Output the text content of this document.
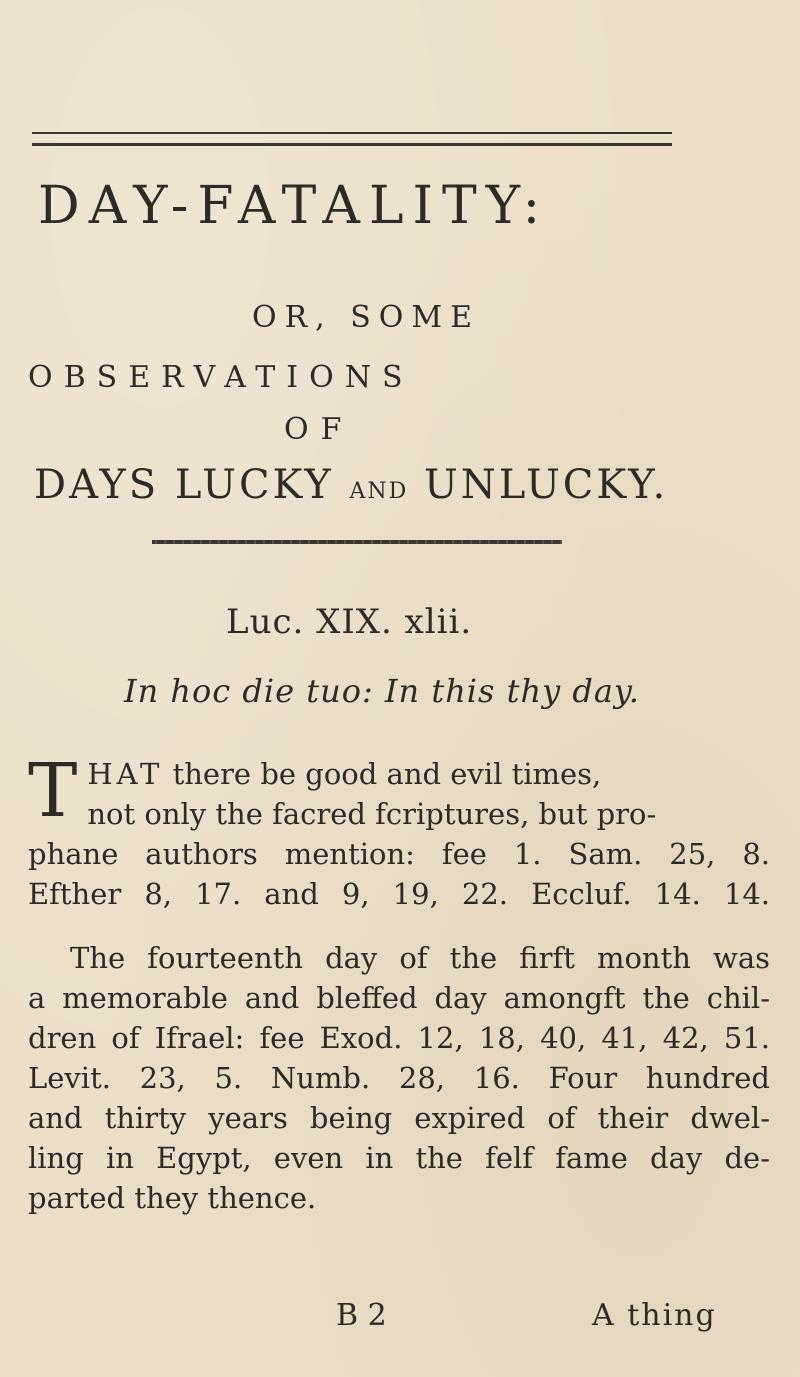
DAY-FATALITY:
OR, SOME
OBSERVATIONS
OF
DAYS LUCKY AND UNLUCKY.
Luc. XIX. xlii.
In hoc die tuo: In this thy day.
T HAT there be good and evil times,
not only the facred fcriptures, but pro-
phane authors mention: fee 1. Sam. 25, 8.
Efther 8, 17. and 9, 19, 22. Eccluf. 14. 14.
The fourteenth day of the firft month was
a memorable and bleffed day amongft the chil-
dren of Ifrael: fee Exod. 12, 18, 40, 41, 42, 51.
Levit. 23, 5. Numb. 28, 16. Four hundred
and thirty years being expired of their dwel-
ling in Egypt, even in the felf fame day de-
parted they thence.
B 2	A thing
